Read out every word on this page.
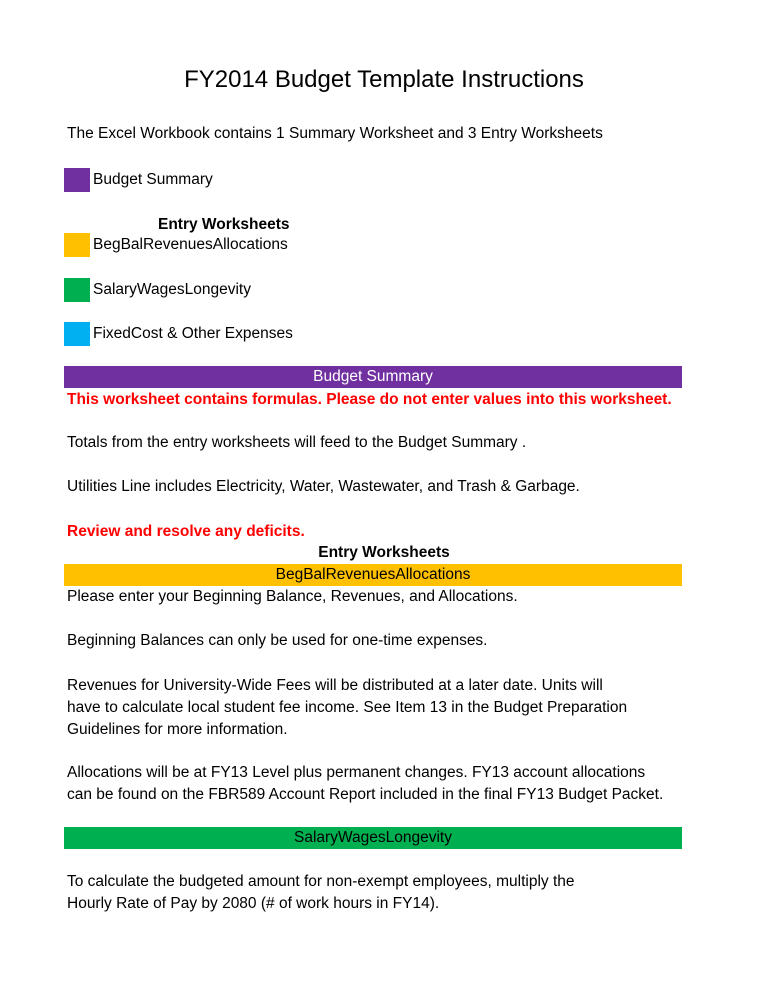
FY2014 Budget Template Instructions
The Excel Workbook contains 1 Summary Worksheet and 3 Entry Worksheets
Budget Summary
Entry Worksheets
BegBalRevenuesAllocations
SalaryWagesLongevity
FixedCost & Other Expenses
Budget Summary
This worksheet contains formulas. Please do not enter values into this worksheet.
Totals from the entry worksheets will feed to the Budget Summary .
Utilities Line includes Electricity, Water, Wastewater, and Trash & Garbage.
Review and resolve any deficits.
Entry Worksheets
BegBalRevenuesAllocations
Please enter your Beginning Balance, Revenues, and Allocations.
Beginning Balances can only be used for one-time expenses.
Revenues for University-Wide Fees will be distributed at a later date. Units will
have to calculate local student fee income. See Item 13 in the Budget Preparation
Guidelines for more information.
Allocations will be at FY13 Level plus permanent changes. FY13 account allocations
can be found on the FBR589 Account Report included in the final FY13 Budget Packet.
SalaryWagesLongevity
To calculate the budgeted amount for non-exempt employees, multiply the
Hourly Rate of Pay by 2080 (# of work hours in FY14).
